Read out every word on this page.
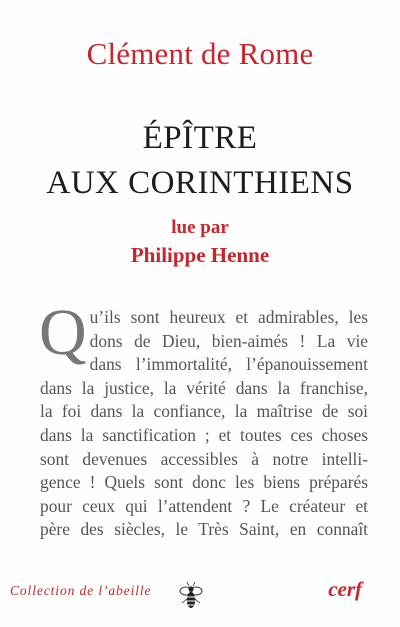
Clément de Rome
ÉPÎTRE
AUX CORINTHIENS
lue par
Philippe Henne
Q u’ils sont heureux et admirables, les
dons de Dieu, bien-aimés ! La vie
dans l’immortalité, l’épanouissement
dans la justice, la vérité dans la franchise,
la foi dans la confiance, la maîtrise de soi
dans la sanctification ; et toutes ces choses
sont devenues accessibles à notre intelli-
gence ! Quels sont donc les biens préparés
pour ceux qui l’attendent ? Le créateur et
père des siècles, le Très Saint, en connaît
Collection de l’abeille	cerf
